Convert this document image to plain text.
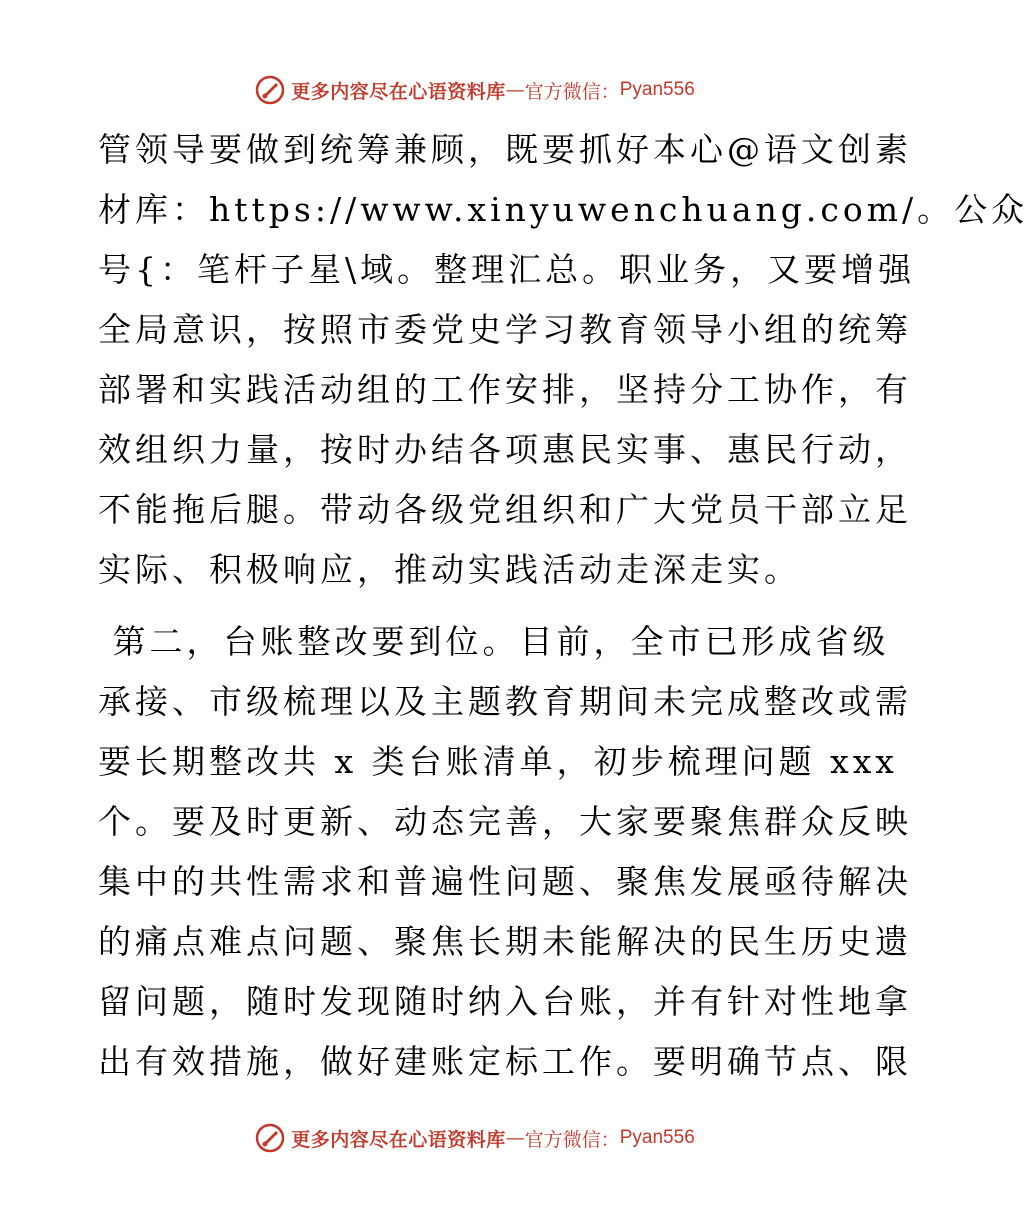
更多内容尽在心语资料库 — 官方微信： Pyan556
管领导要做到统筹兼顾，既要抓好本心@语文创素
材库：https://www.xinyuwenchuang.com/。公众
号{：笔杆子星\域。整理汇总。职业务，又要增强
全局意识，按照市委党史学习教育领导小组的统筹
部署和实践活动组的工作安排，坚持分工协作，有
效组织力量，按时办结各项惠民实事、惠民行动，
不能拖后腿。带动各级党组织和广大党员干部立足
实际、积极响应，推动实践活动走深走实。
第二，台账整改要到位。目前，全市已形成省级
承接、市级梳理以及主题教育期间未完成整改或需
要长期整改共 x 类台账清单，初步梳理问题 xxx
个。要及时更新、动态完善，大家要聚焦群众反映
集中的共性需求和普遍性问题、聚焦发展亟待解决
的痛点难点问题、聚焦长期未能解决的民生历史遗
留问题，随时发现随时纳入台账，并有针对性地拿
出有效措施，做好建账定标工作。要明确节点、限
更多内容尽在心语资料库 — 官方微信： Pyan556
